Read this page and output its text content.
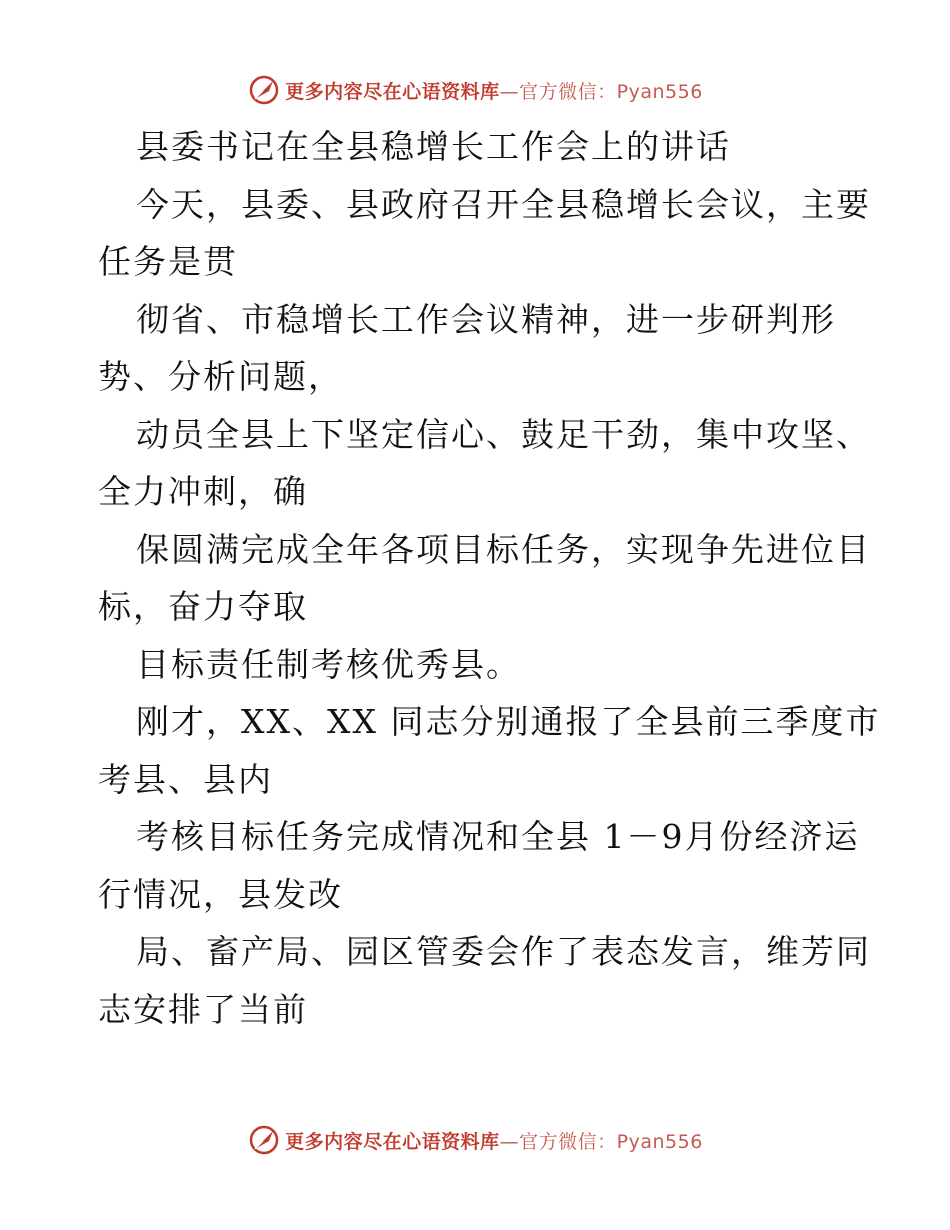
更多内容尽在心语资料库—官方微信：Pyan556
县委书记在全县稳增长工作会上的讲话
今天，县委、县政府召开全县稳增长会议，主要
任务是贯
彻省、市稳增长工作会议精神，进一步研判形
势、分析问题，
动员全县上下坚定信心、鼓足干劲，集中攻坚、
全力冲刺，确
保圆满完成全年各项目标任务，实现争先进位目
标，奋力夺取
目标责任制考核优秀县。
刚才，XX、XX 同志分别通报了全县前三季度市
考县、县内
考核目标任务完成情况和全县 1－9月份经济运
行情况，县发改
局、畜产局、园区管委会作了表态发言，维芳同
志安排了当前
更多内容尽在心语资料库—官方微信：Pyan556
